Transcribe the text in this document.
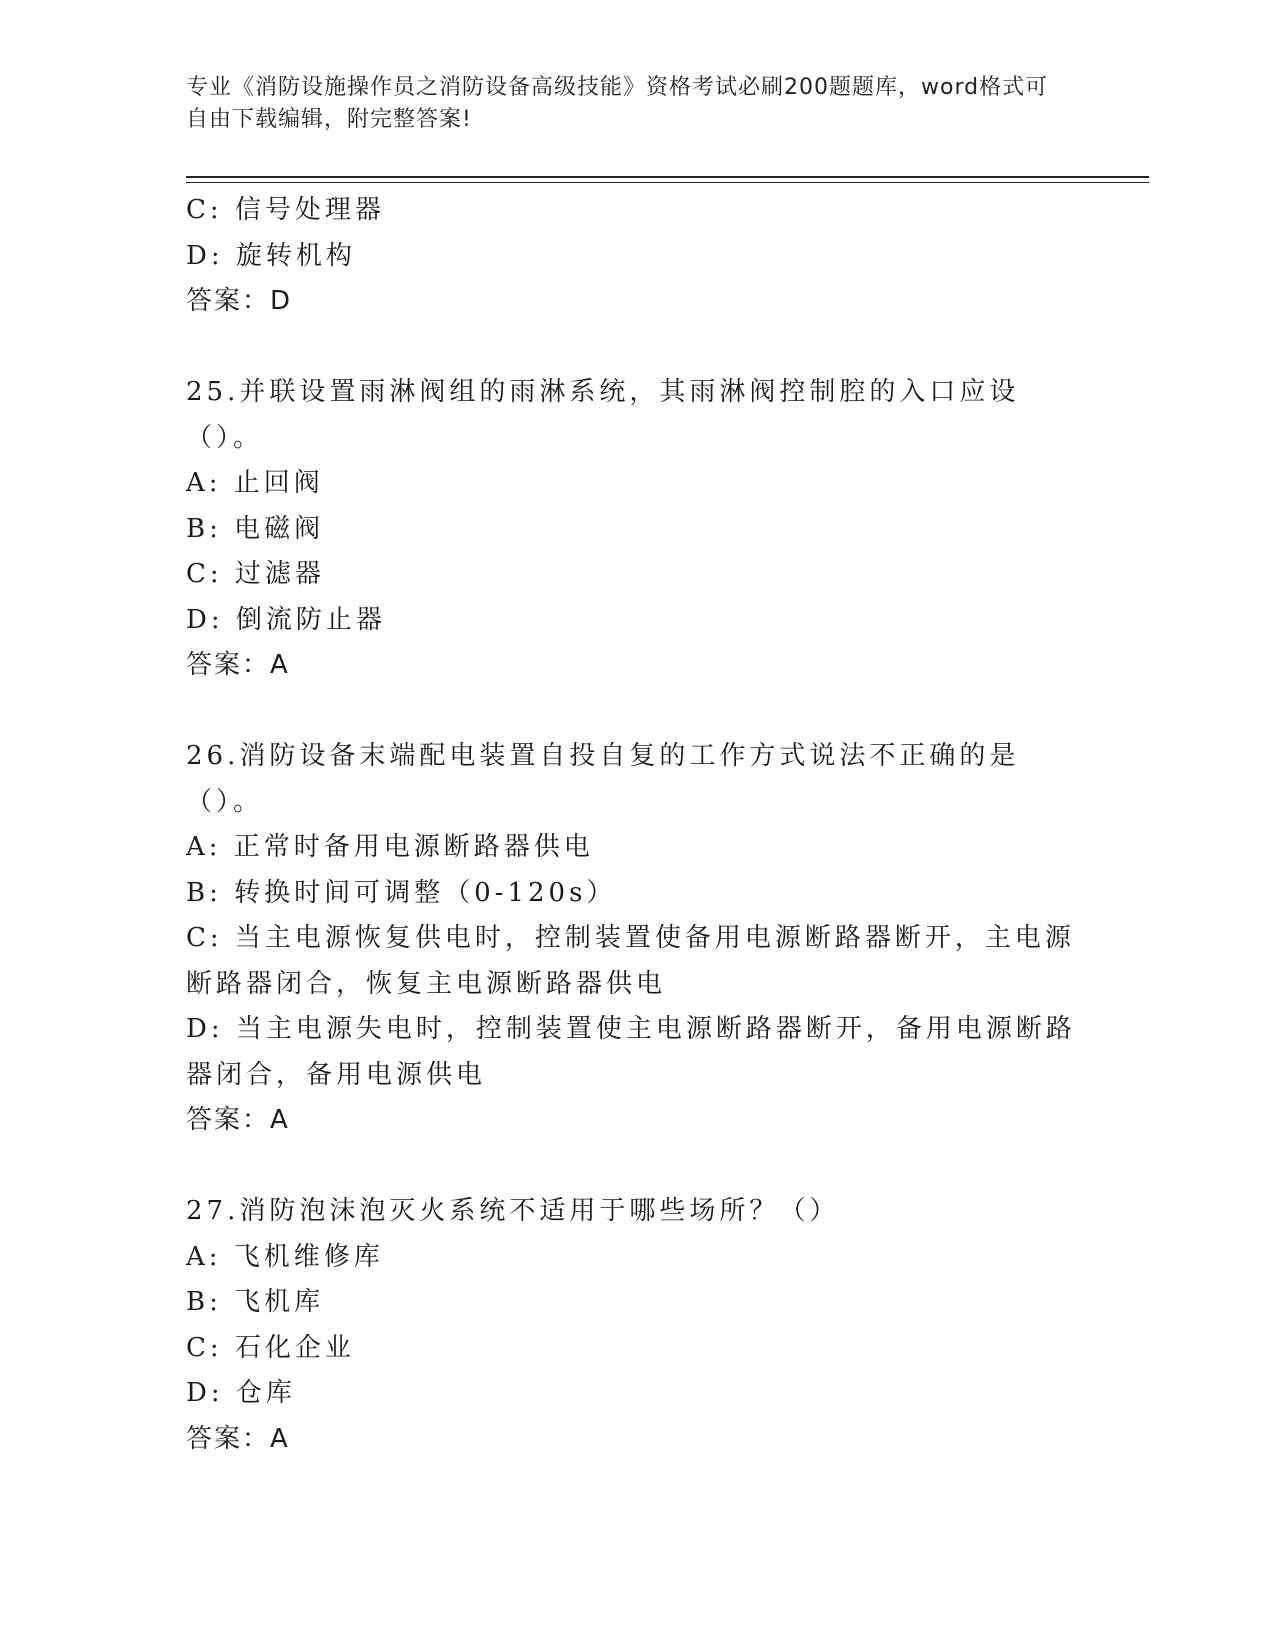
专业《消防设施操作员之消防设备高级技能》资格考试必刷200题题库，word格式可自由下载编辑，附完整答案!

C: 信号处理器

D: 旋转机构

答案：D

25.并联设置雨淋阀组的雨淋系统，其雨淋阀控制腔的入口应设（）。

A: 止回阀

B: 电磁阀

C: 过滤器

D: 倒流防止器

答案：A

26.消防设备末端配电装置自投自复的工作方式说法不正确的是（）。

A: 正常时备用电源断路器供电

B: 转换时间可调整（0-120s）

C: 当主电源恢复供电时，控制装置使备用电源断路器断开，主电源断路器闭合，恢复主电源断路器供电

D: 当主电源失电时，控制装置使主电源断路器断开，备用电源断路器闭合，备用电源供电

答案：A

27.消防泡沫泡灭火系统不适用于哪些场所？（）

A: 飞机维修库

B: 飞机库

C: 石化企业

D: 仓库

答案：A
